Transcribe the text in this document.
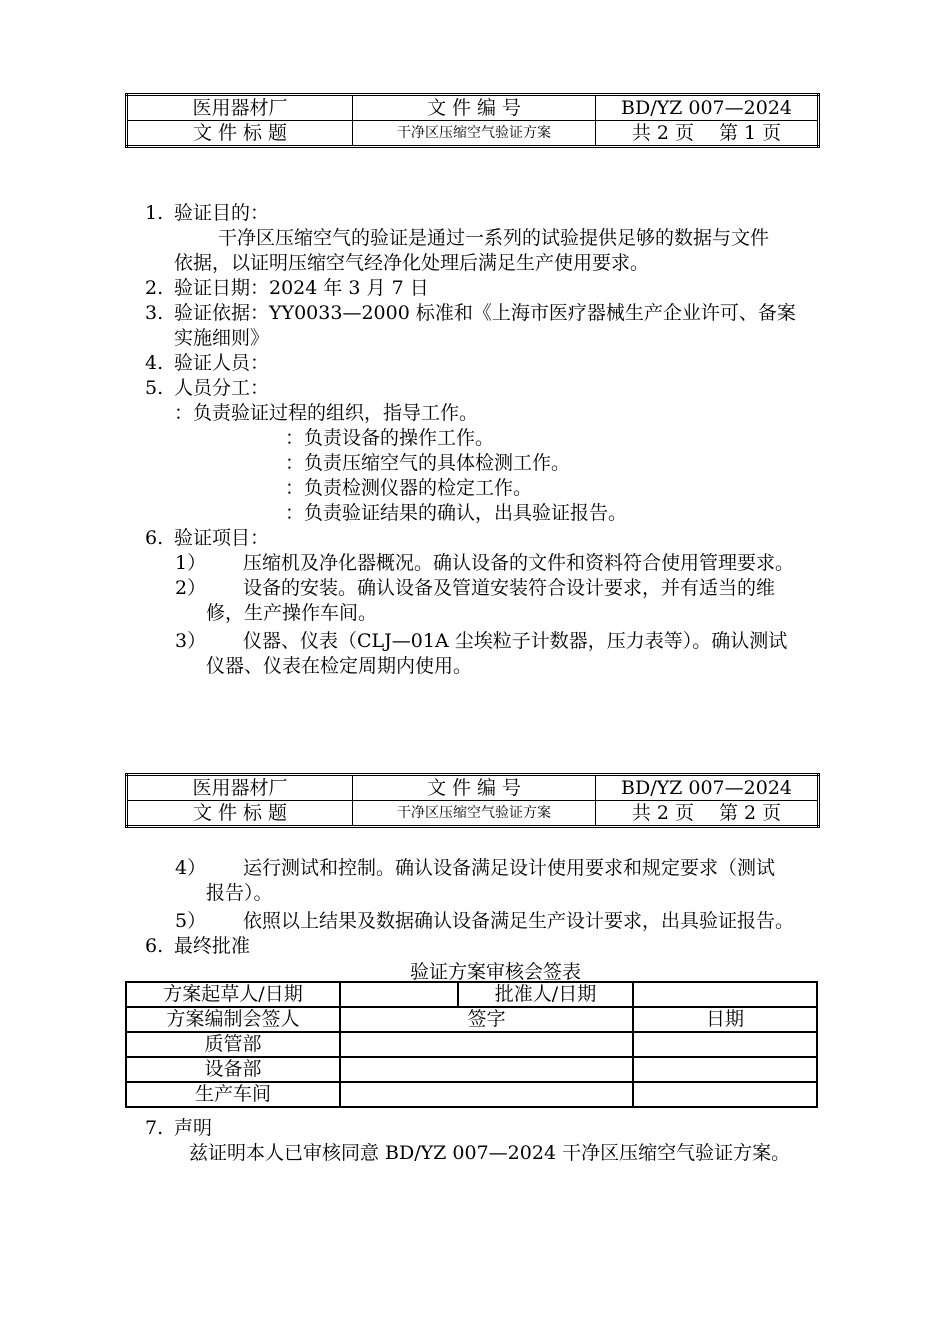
医用器材厂	文 件 编 号	BD/YZ 007—2024
文 件 标 题	干净区压缩空气验证方案	共 2 页　 第 1 页
1. 验证目的：
干净区压缩空气的验证是通过一系列的试验提供足够的数据与文件
依据，以证明压缩空气经净化处理后满足生产使用要求。
2. 验证日期：2024 年 3 月 7 日
3. 验证依据：YY0033—2000 标准和《上海市医疗器械生产企业许可、备案
实施细则》
4. 验证人员：
5. 人员分工：
：负责验证过程的组织，指导工作。
：负责设备的操作工作。
：负责压缩空气的具体检测工作。
：负责检测仪器的检定工作。
：负责验证结果的确认，出具验证报告。
6. 验证项目：
1） 压缩机及净化器概况。确认设备的文件和资料符合使用管理要求。
2） 设备的安装。确认设备及管道安装符合设计要求，并有适当的维
修，生产操作车间。
3） 仪器、仪表（CLJ—01A 尘埃粒子计数器，压力表等）。确认测试
仪器、仪表在检定周期内使用。
医用器材厂	文 件 编 号	BD/YZ 007—2024
文 件 标 题	干净区压缩空气验证方案	共 2 页　 第 2 页
4） 运行测试和控制。确认设备满足设计使用要求和规定要求（测试
报告）。
5） 依照以上结果及数据确认设备满足生产设计要求，出具验证报告。
6. 最终批准
验证方案审核会签表
方案起草人/日期		批准人/日期	
方案编制会签人	签字		日期
质管部			
设备部			
生产车间			
7. 声明
兹证明本人已审核同意 BD/YZ 007—2024 干净区压缩空气验证方案。
